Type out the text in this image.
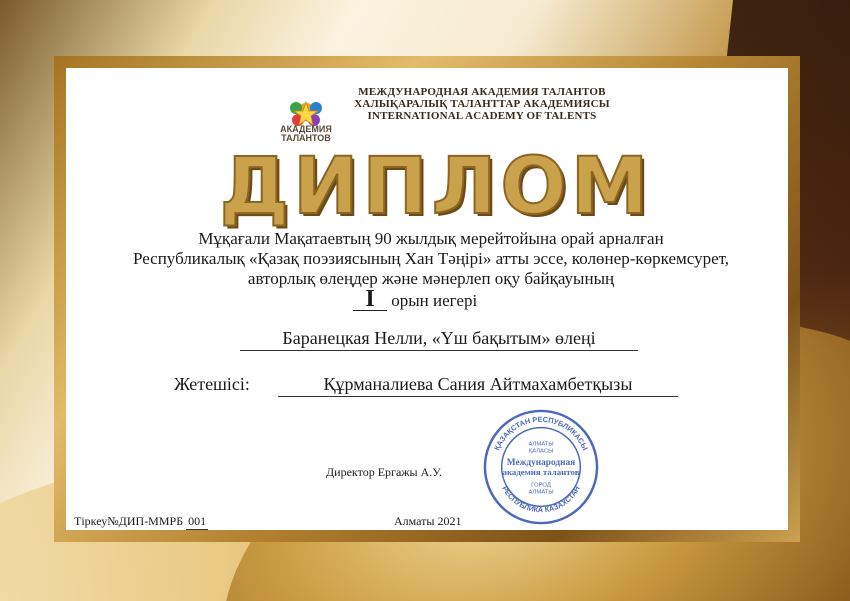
АКАДЕМИЯ
ТАЛАНТОВ
МЕЖДУНАРОДНАЯ АКАДЕМИЯ ТАЛАНТОВ
ХАЛЫҚАРАЛЫҚ ТАЛАНТТАР АКАДЕМИЯСЫ
INTERNATIONAL ACADEMY OF TALENTS
ДИПЛОМ
Мұқағали Мақатаевтың 90 жылдық мерейтойына орай арналған
Республикалық «Қазақ поэзиясының Хан Тәңірі» атты эссе, колөнер-көркемсурет,
авторлық өлеңдер және мәнерлеп оқу байқауының
I орын иегері
Баранецкая Нелли, «Үш бақытым» өлеңі
Жетешісі:	Құрманалиева Сания Айтмахамбетқызы
Директор Ергажы А.У.
Тіркеу№ДИП-ММРБ 001	Алматы 2021
ҚАЗАҚСТАН РЕСПУБЛИКАСЫ
РЕСПУБЛИКА КАЗАХСТАН
АЛМАТЫ
ҚАЛАСЫ
Международная
академия талантов
ГОРОД
АЛМАТЫ
